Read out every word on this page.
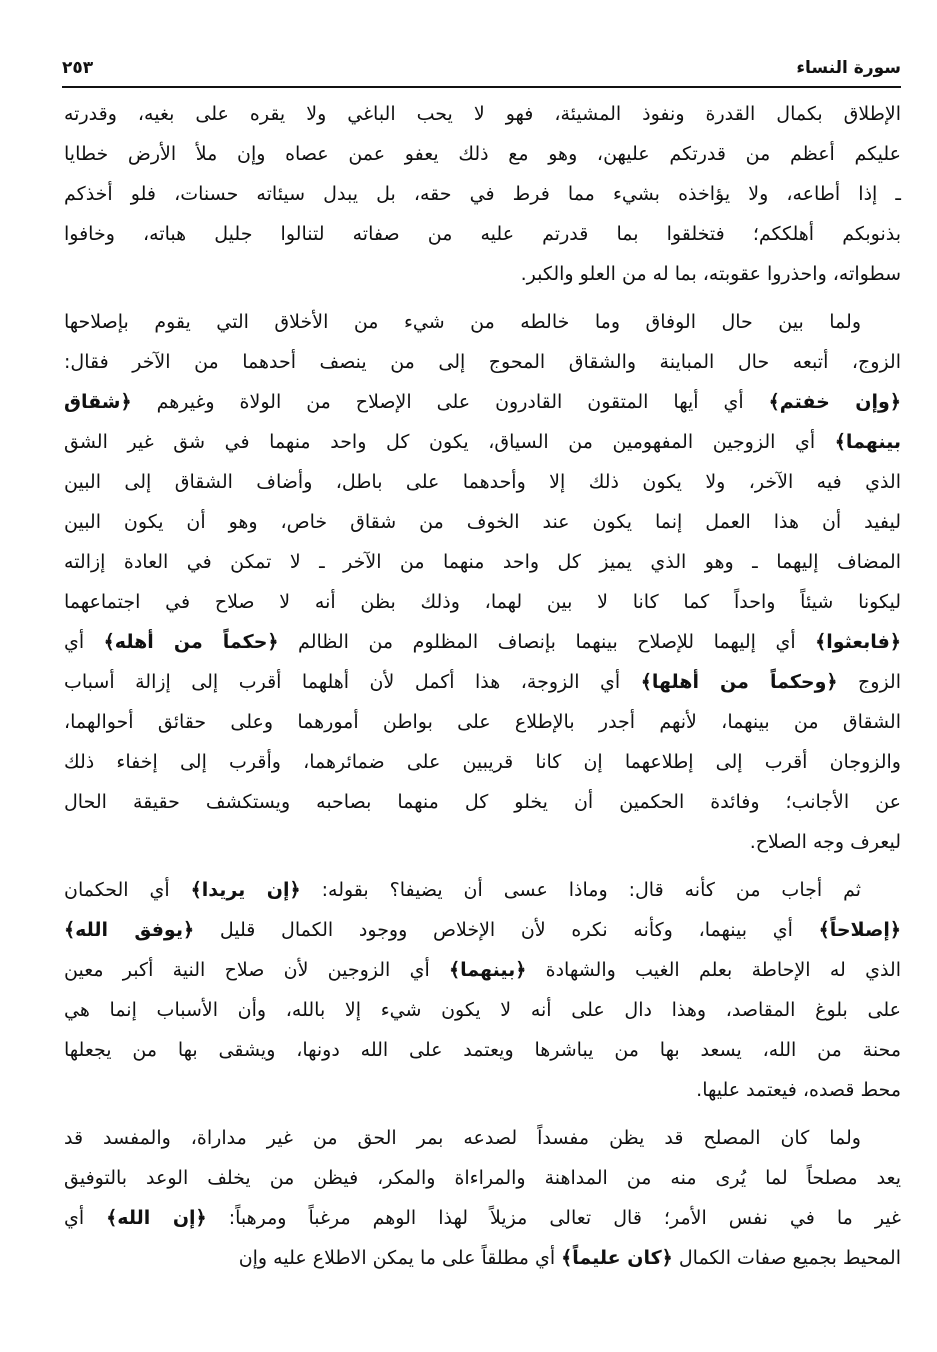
سورة النساء
٢٥٣
الإطلاق بكمال القدرة ونفوذ المشيئة، فهو لا يحب الباغي ولا يقره على بغيه، وقدرته
عليكم أعظم من قدرتكم عليهن، وهو مع ذلك يعفو عمن عصاه وإن ملأ الأرض خطايا
ـ إذا أطاعه، ولا يؤاخذه بشيء مما فرط في حقه، بل يبدل سيئاته حسنات، فلو أخذكم
بذنوبكم أهلككم؛ فتخلقوا بما قدرتم عليه من صفاته لتنالوا جليل هباته، وخافوا
سطواته، واحذروا عقوبته، بما له من العلو والكبر.
ولما بين حال الوفاق وما خالطه من شيء من الأخلاق التي يقوم بإصلاحها
الزوج، أتبعه حال المباينة والشقاق المحوج إلى من ينصف أحدهما من الآخر فقال:
﴿وإن خفتم﴾ أي أيها المتقون القادرون على الإصلاح من الولاة وغيرهم ﴿شقاق
بينهما﴾ أي الزوجين المفهومين من السياق، يكون كل واحد منهما في شق غير الشق
الذي فيه الآخر، ولا يكون ذلك إلا وأحدهما على باطل، وأضاف الشقاق إلى البين
ليفيد أن هذا العمل إنما يكون عند الخوف من شقاق خاص، وهو أن يكون البين
المضاف إليهما ـ وهو الذي يميز كل واحد منهما من الآخر ـ لا تمكن في العادة إزالته
ليكونا شيئاً واحداً كما كانا لا بين لهما، وذلك بظن أنه لا صلاح في اجتماعهما
﴿فابعثوا﴾ أي إليهما للإصلاح بينهما بإنصاف المظلوم من الظالم ﴿حكماً من أهله﴾ أي
الزوج ﴿وحكماً من أهلها﴾ أي الزوجة، هذا أكمل لأن أهلهما أقرب إلى إزالة أسباب
الشقاق من بينهما، لأنهم أجدر بالإطلاع على بواطن أمورهما وعلى حقائق أحوالهما،
والزوجان أقرب إلى إطلاعهما إن كانا قريبين على ضمائرهما، وأقرب إلى إخفاء ذلك
عن الأجانب؛ وفائدة الحكمين أن يخلو كل منهما بصاحبه ويستكشف حقيقة الحال
ليعرف وجه الصلاح.
ثم أجاب من كأنه قال: وماذا عسى أن يضيفا؟ بقوله: ﴿إن يريدا﴾ أي الحكمان
﴿إصلاحاً﴾ أي بينهما، وكأنه نكره لأن الإخلاص ووجود الكمال قليل ﴿يوفق الله﴾
الذي له الإحاطة بعلم الغيب والشهادة ﴿بينهما﴾ أي الزوجين لأن صلاح النية أكبر معين
على بلوغ المقاصد، وهذا دال على أنه لا يكون شيء إلا بالله، وأن الأسباب إنما هي
محنة من الله، يسعد بها من يباشرها ويعتمد على الله دونها، ويشقى بها من يجعلها
محط قصده، فيعتمد عليها.
ولما كان المصلح قد يظن مفسداً لصدعه بمر الحق من غير مداراة، والمفسد قد
يعد مصلحاً لما يُرى منه من المداهنة والمراءاة والمكر، فيظن من يخلف الوعد بالتوفيق
غير ما في نفس الأمر؛ قال تعالى مزيلاً لهذا الوهم مرغباً ومرهباً: ﴿إن الله﴾ أي
المحيط بجميع صفات الكمال ﴿كان عليماً﴾ أي مطلقاً على ما يمكن الاطلاع عليه وإن
